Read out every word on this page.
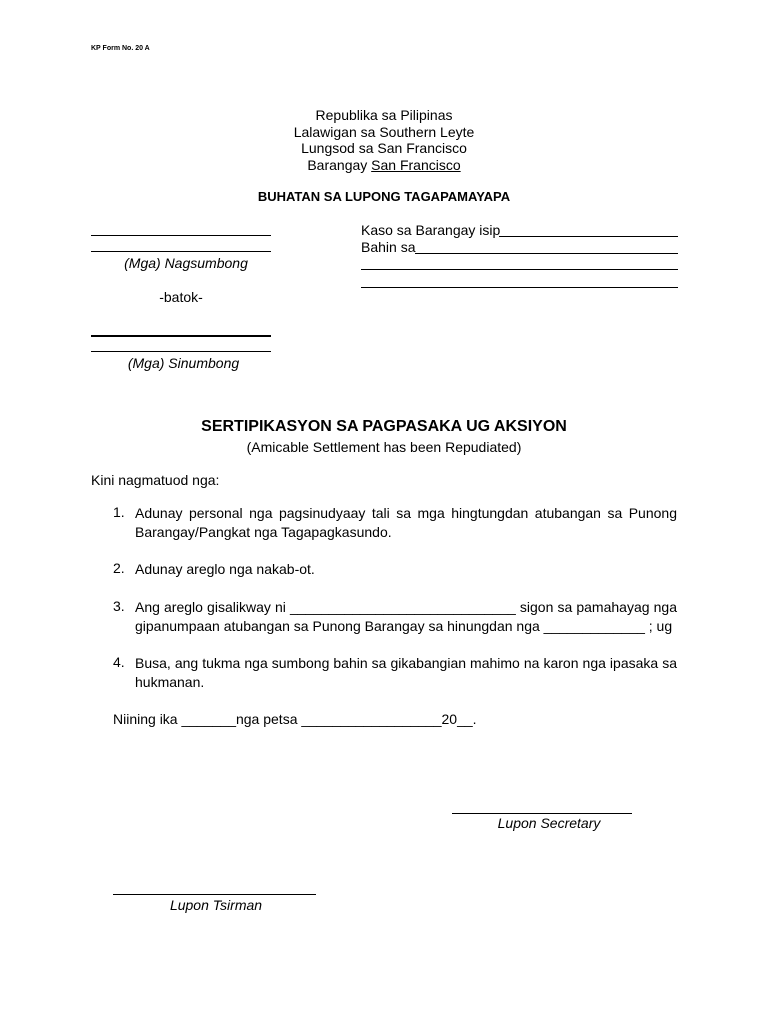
KP Form No. 20 A
Republika sa Pilipinas
Lalawigan sa Southern Leyte
Lungsod sa San Francisco
Barangay San Francisco
BUHATAN SA LUPONG TAGAPAMAYAPA
(Mga) Nagsumbong
-batok-
(Mga) Sinumbong
Kaso sa Barangay isip
Bahin sa
SERTIPIKASYON SA PAGPASAKA UG AKSIYON
(Amicable Settlement has been Repudiated)
Kini nagmatuod nga:
1. Adunay personal nga pagsinudyaay tali sa mga hingtungdan atubangan sa Punong Barangay/Pangkat nga Tagapagkasundo.
2. Adunay areglo nga nakab-ot.
3. Ang areglo gisalikway ni _____________________________ sigon sa pamahayag nga gipanumpaan atubangan sa Punong Barangay sa hinungdan nga _____________ ; ug
4. Busa, ang tukma nga sumbong bahin sa gikabangian mahimo na karon nga ipasaka sa hukmanan.
Niining ika _______nga petsa __________________20__.
Lupon Secretary
Lupon Tsirman
